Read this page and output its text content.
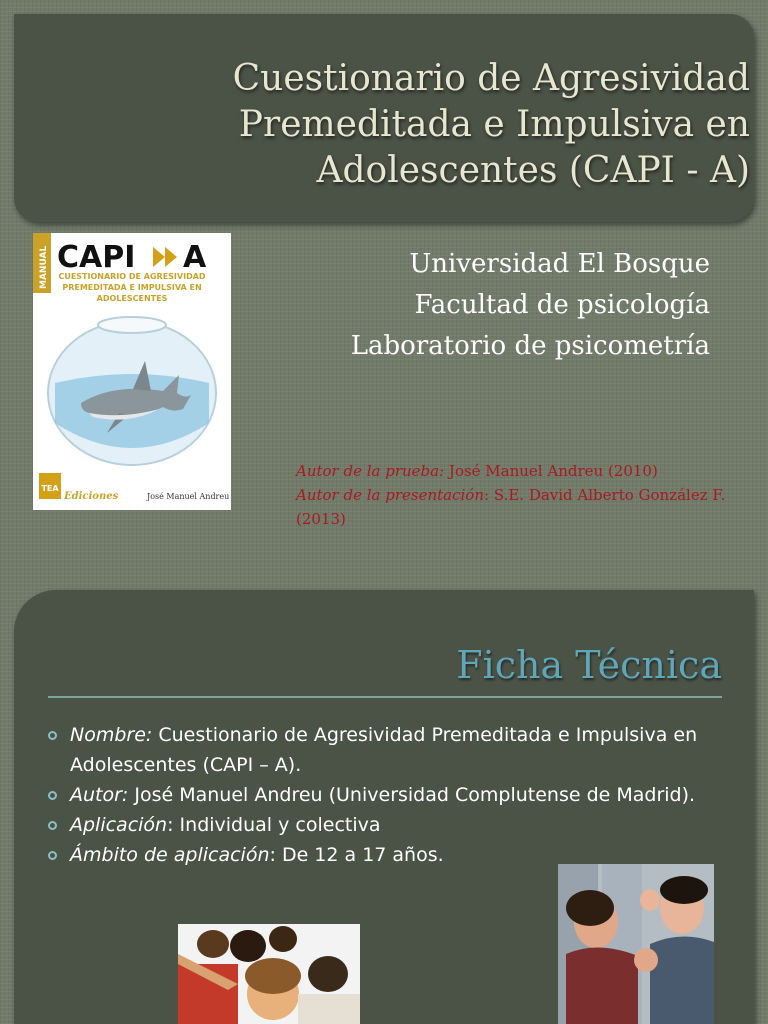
Cuestionario de Agresividad
Premeditada e Impulsiva en
Adolescentes (CAPI - A)
MANUAL CAPI A
CUESTIONARIO DE AGRESIVIDAD
PREMEDITADA E IMPULSIVA EN
ADOLESCENTES
TEA
Ediciones	José Manuel Andreu
Universidad El Bosque
Facultad de psicología
Laboratorio de psicometría
Autor de la prueba: José Manuel Andreu (2010)
Autor de la presentación: S.E. David Alberto González F. (2013)
Ficha Técnica
Nombre: Cuestionario de Agresividad Premeditada e Impulsiva en Adolescentes (CAPI – A).
Autor: José Manuel Andreu (Universidad Complutense de Madrid).
Aplicación: Individual y colectiva
Ámbito de aplicación: De 12 a 17 años.
